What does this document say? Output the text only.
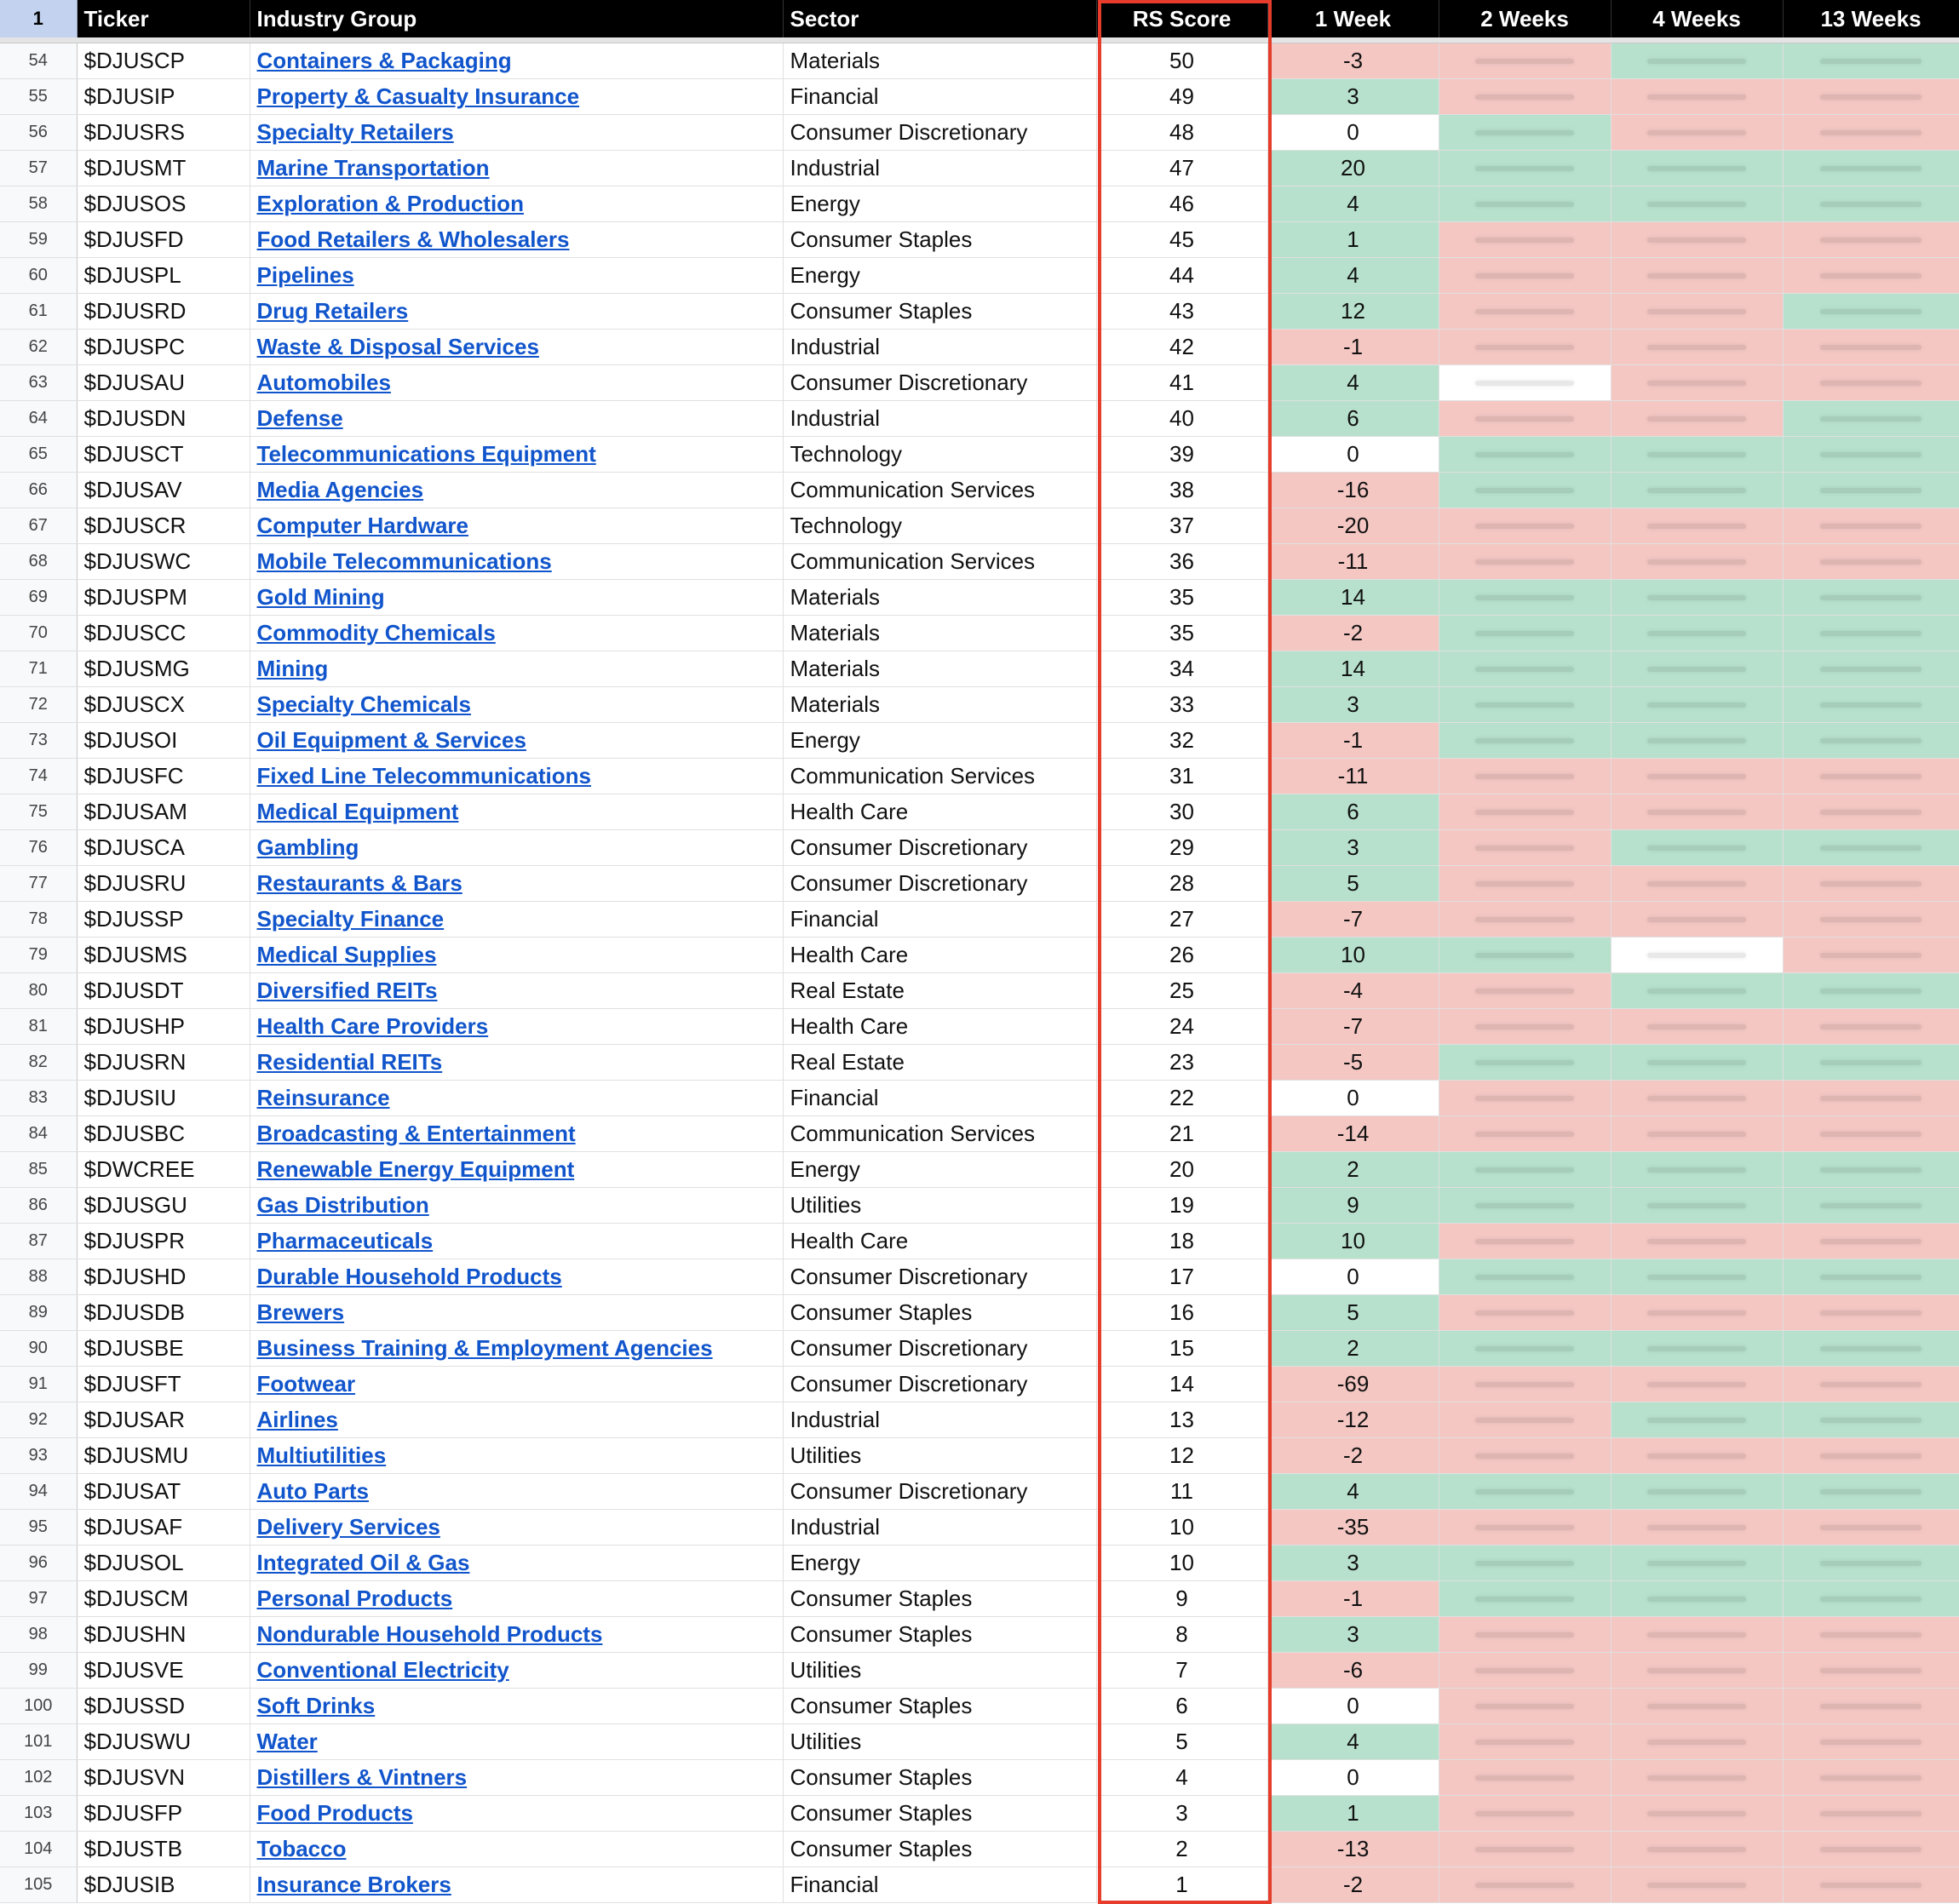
1	Ticker	Industry Group	Sector	RS Score	1 Week	2 Weeks	4 Weeks	13 Weeks

54	$DJUSCP	Containers & Packaging	Materials	50	-3	

55	$DJUSIP	Property & Casualty Insurance	Financial	49	3	

56	$DJUSRS	Specialty Retailers	Consumer Discretionary	48	0	

57	$DJUSMT	Marine Transportation	Industrial	47	20	

58	$DJUSOS	Exploration & Production	Energy	46	4	

59	$DJUSFD	Food Retailers & Wholesalers	Consumer Staples	45	1	

60	$DJUSPL	Pipelines	Energy	44	4	

61	$DJUSRD	Drug Retailers	Consumer Staples	43	12	

62	$DJUSPC	Waste & Disposal Services	Industrial	42	-1	

63	$DJUSAU	Automobiles	Consumer Discretionary	41	4	

64	$DJUSDN	Defense	Industrial	40	6	

65	$DJUSCT	Telecommunications Equipment	Technology	39	0	

66	$DJUSAV	Media Agencies	Communication Services	38	-16	

67	$DJUSCR	Computer Hardware	Technology	37	-20	

68	$DJUSWC	Mobile Telecommunications	Communication Services	36	-11	

69	$DJUSPM	Gold Mining	Materials	35	14	

70	$DJUSCC	Commodity Chemicals	Materials	35	-2	

71	$DJUSMG	Mining	Materials	34	14	

72	$DJUSCX	Specialty Chemicals	Materials	33	3	

73	$DJUSOI	Oil Equipment & Services	Energy	32	-1	

74	$DJUSFC	Fixed Line Telecommunications	Communication Services	31	-11	

75	$DJUSAM	Medical Equipment	Health Care	30	6	

76	$DJUSCA	Gambling	Consumer Discretionary	29	3	

77	$DJUSRU	Restaurants & Bars	Consumer Discretionary	28	5	

78	$DJUSSP	Specialty Finance	Financial	27	-7	

79	$DJUSMS	Medical Supplies	Health Care	26	10	

80	$DJUSDT	Diversified REITs	Real Estate	25	-4	

81	$DJUSHP	Health Care Providers	Health Care	24	-7	

82	$DJUSRN	Residential REITs	Real Estate	23	-5	

83	$DJUSIU	Reinsurance	Financial	22	0	

84	$DJUSBC	Broadcasting & Entertainment	Communication Services	21	-14	

85	$DWCREE	Renewable Energy Equipment	Energy	20	2	

86	$DJUSGU	Gas Distribution	Utilities	19	9	

87	$DJUSPR	Pharmaceuticals	Health Care	18	10	

88	$DJUSHD	Durable Household Products	Consumer Discretionary	17	0	

89	$DJUSDB	Brewers	Consumer Staples	16	5	

90	$DJUSBE	Business Training & Employment Agencies	Consumer Discretionary	15	2	

91	$DJUSFT	Footwear	Consumer Discretionary	14	-69	

92	$DJUSAR	Airlines	Industrial	13	-12	

93	$DJUSMU	Multiutilities	Utilities	12	-2	

94	$DJUSAT	Auto Parts	Consumer Discretionary	11	4	

95	$DJUSAF	Delivery Services	Industrial	10	-35	

96	$DJUSOL	Integrated Oil & Gas	Energy	10	3	

97	$DJUSCM	Personal Products	Consumer Staples	9	-1	

98	$DJUSHN	Nondurable Household Products	Consumer Staples	8	3	

99	$DJUSVE	Conventional Electricity	Utilities	7	-6	

100	$DJUSSD	Soft Drinks	Consumer Staples	6	0	

101	$DJUSWU	Water	Utilities	5	4	

102	$DJUSVN	Distillers & Vintners	Consumer Staples	4	0	

103	$DJUSFP	Food Products	Consumer Staples	3	1	

104	$DJUSTB	Tobacco	Consumer Staples	2	-13	

105	$DJUSIB	Insurance Brokers	Financial	1	-2	
